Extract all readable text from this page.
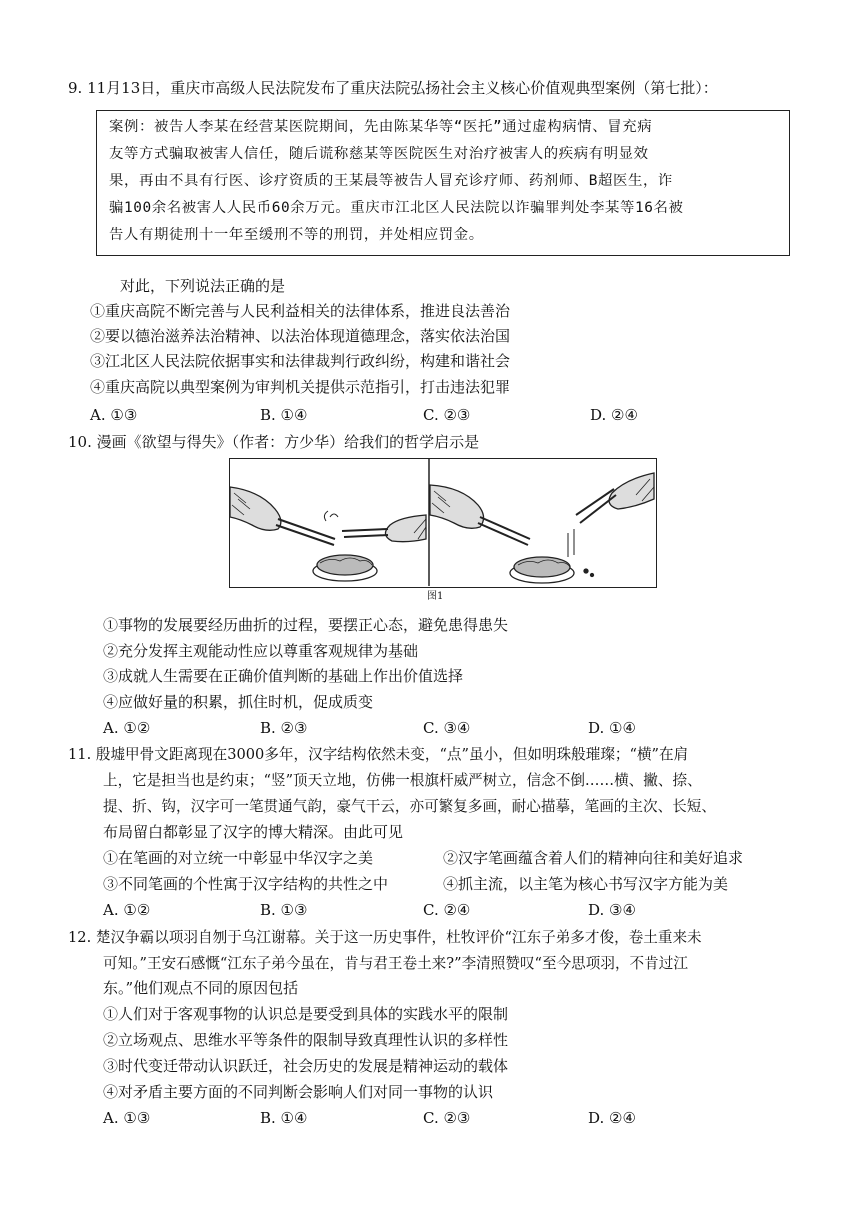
9. 11月13日，重庆市高级人民法院发布了重庆法院弘扬社会主义核心价值观典型案例（第七批）：
案例：被告人李某在经营某医院期间，先由陈某华等“医托”通过虚构病情、冒充病
友等方式骗取被害人信任，随后谎称慈某等医院医生对治疗被害人的疾病有明显效
果，再由不具有行医、诊疗资质的王某晨等被告人冒充诊疗师、药剂师、B超医生，诈
骗100余名被害人人民币60余万元。重庆市江北区人民法院以诈骗罪判处李某等16名被
告人有期徒刑十一年至缓刑不等的刑罚，并处相应罚金。
对此，下列说法正确的是
①重庆高院不断完善与人民利益相关的法律体系，推进良法善治
②要以德治滋养法治精神、以法治体现道德理念，落实依法治国
③江北区人民法院依据事实和法律裁判行政纠纷，构建和谐社会
④重庆高院以典型案例为审判机关提供示范指引，打击违法犯罪
A. ①③	B. ①④	C. ②③	D. ②④
10. 漫画《欲望与得失》（作者：方少华）给我们的哲学启示是
图1
①事物的发展要经历曲折的过程，要摆正心态，避免患得患失
②充分发挥主观能动性应以尊重客观规律为基础
③成就人生需要在正确价值判断的基础上作出价值选择
④应做好量的积累，抓住时机，促成质变
A. ①②	B. ②③	C. ③④	D. ①④
11. 殷墟甲骨文距离现在3000多年，汉字结构依然未变，“点”虽小，但如明珠般璀璨；“横”在肩
上，它是担当也是约束；“竖”顶天立地，仿佛一根旗杆威严树立，信念不倒……横、撇、捺、
提、折、钩，汉字可一笔贯通气韵，豪气干云，亦可繁复多画，耐心描摹，笔画的主次、长短、
布局留白都彰显了汉字的博大精深。由此可见
①在笔画的对立统一中彰显中华汉字之美	②汉字笔画蕴含着人们的精神向往和美好追求
③不同笔画的个性寓于汉字结构的共性之中	④抓主流，以主笔为核心书写汉字方能为美
A. ①②	B. ①③	C. ②④	D. ③④
12. 楚汉争霸以项羽自刎于乌江谢幕。关于这一历史事件，杜牧评价“江东子弟多才俊，卷土重来未
可知。”王安石感慨“江东子弟今虽在，肯与君王卷土来?”李清照赞叹“至今思项羽，不肯过江
东。”他们观点不同的原因包括
①人们对于客观事物的认识总是要受到具体的实践水平的限制
②立场观点、思维水平等条件的限制导致真理性认识的多样性
③时代变迁带动认识跃迁，社会历史的发展是精神运动的载体
④对矛盾主要方面的不同判断会影响人们对同一事物的认识
A. ①③	B. ①④	C. ②③	D. ②④
